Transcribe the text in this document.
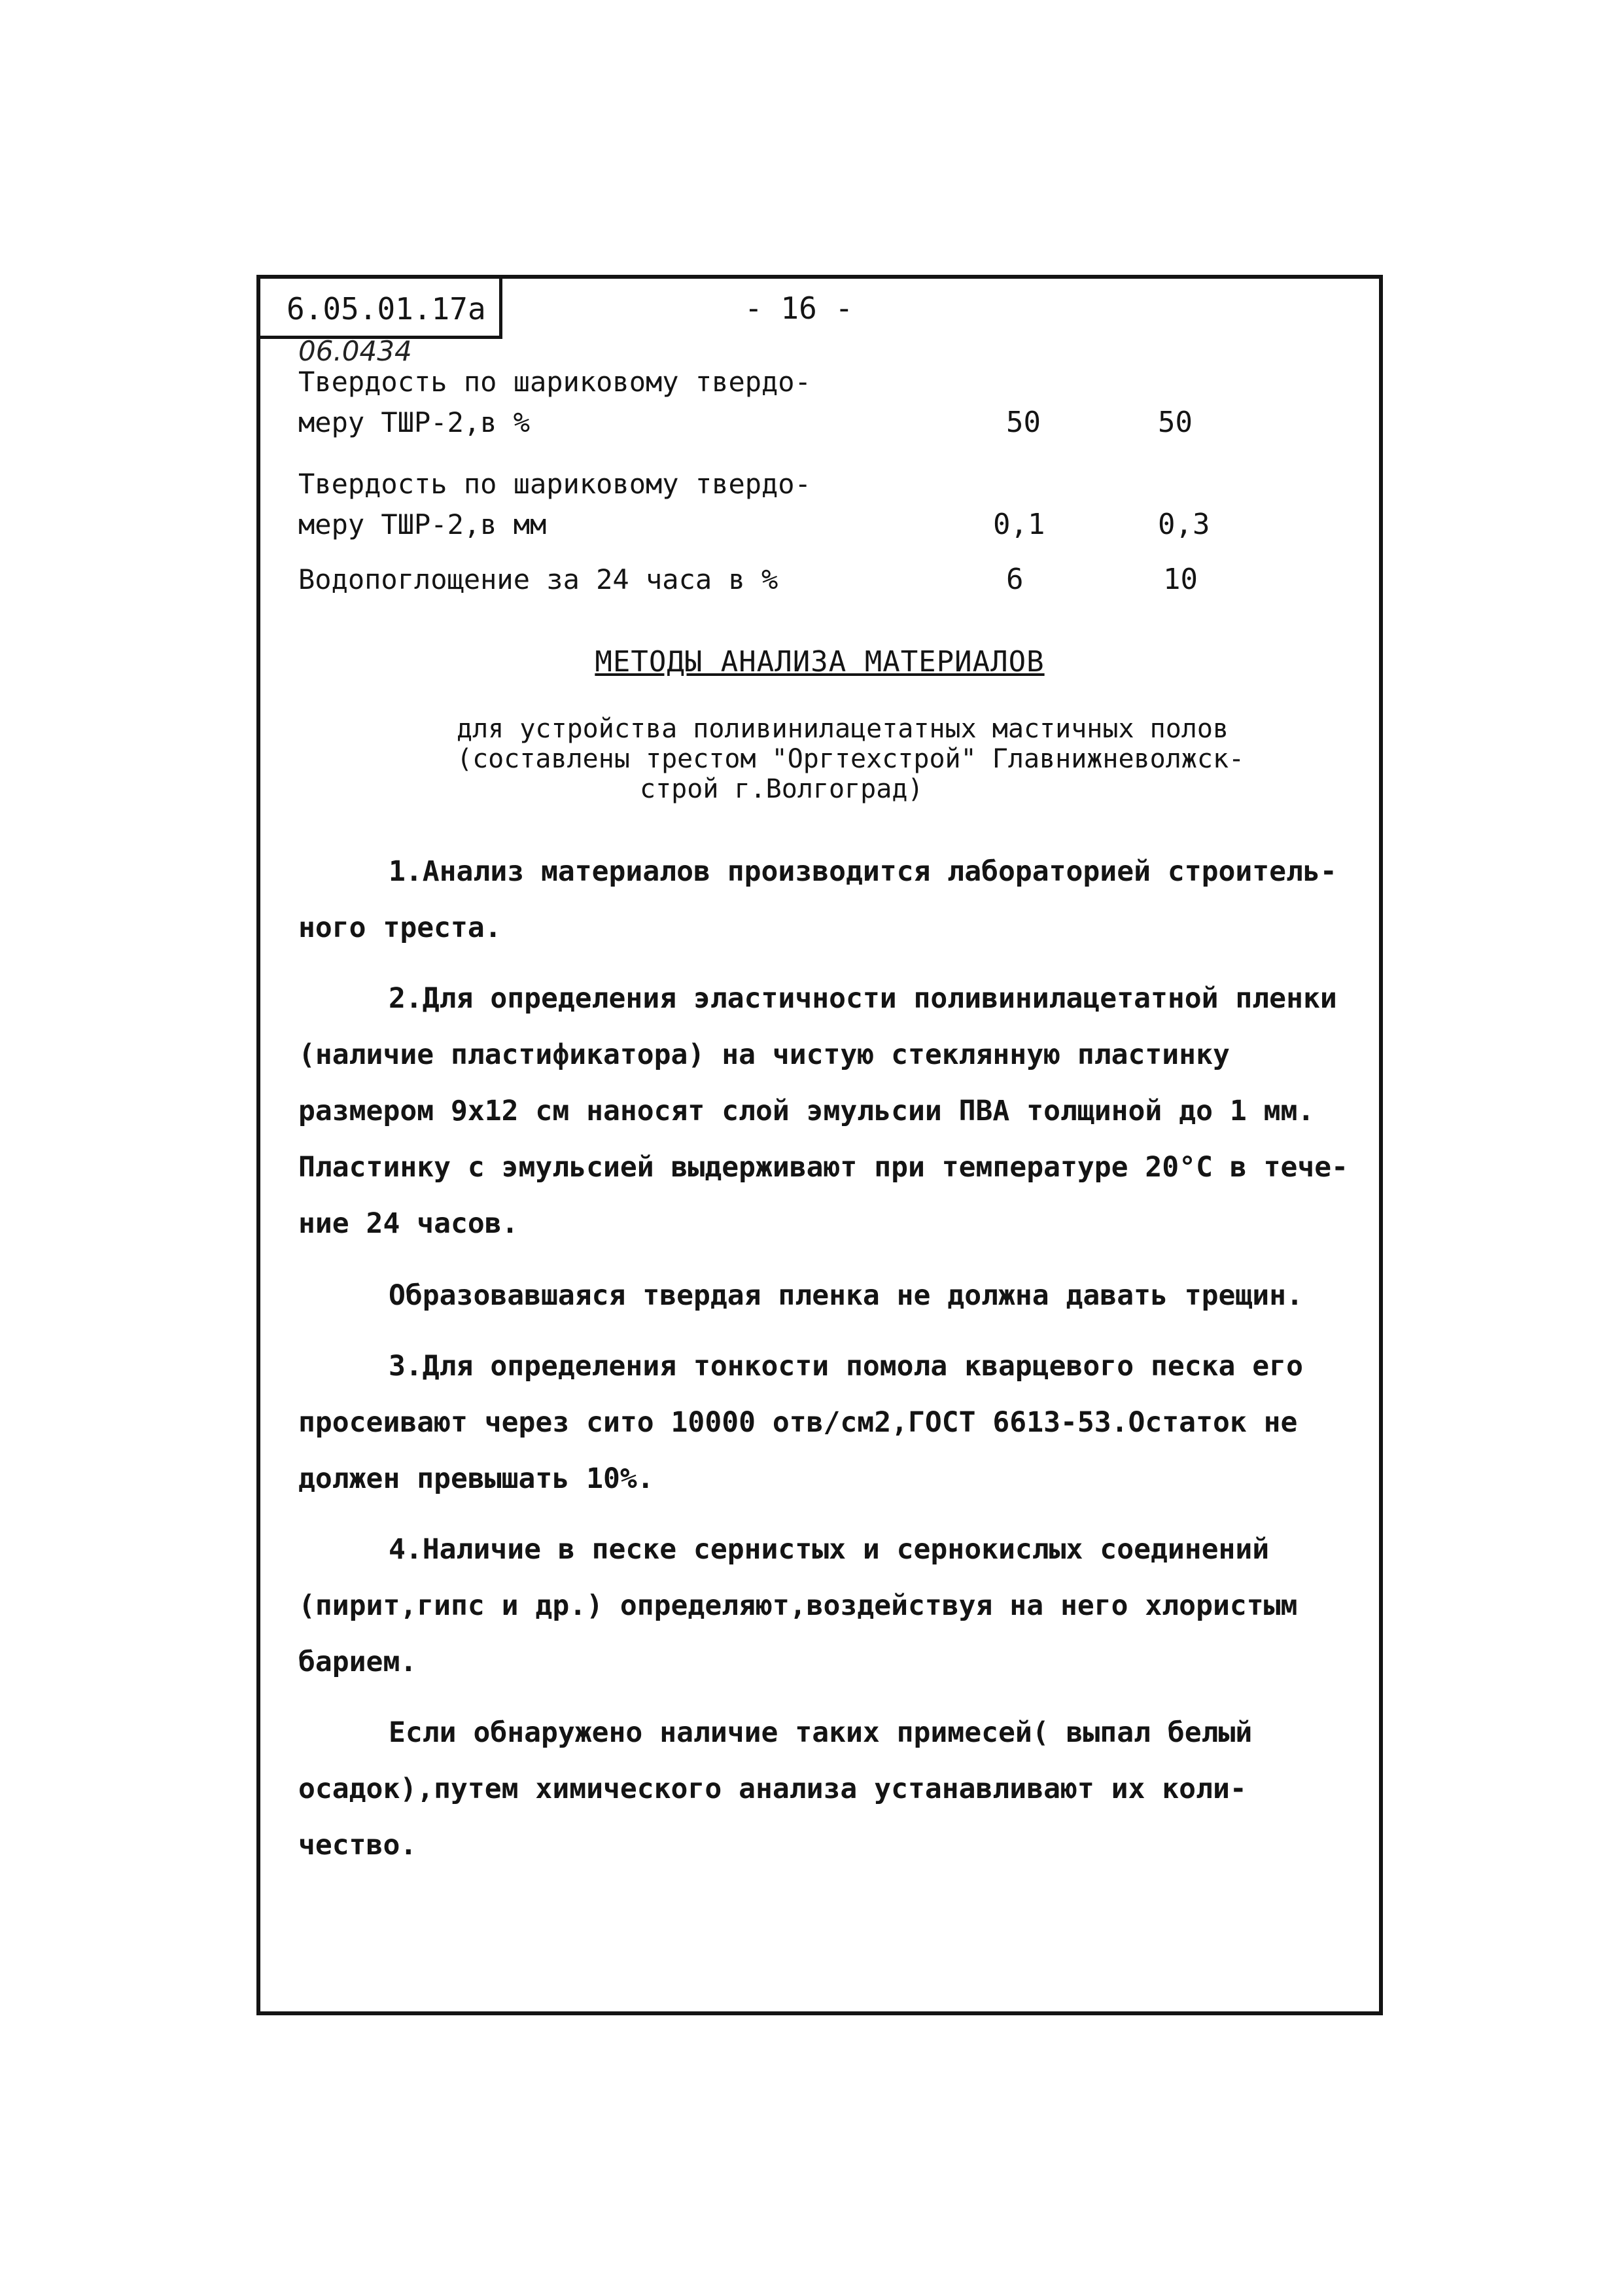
6.05.01.17а
06.0434
- 16 -
Твердость по шариковому твердо-
меру ТШР-2,в %	50	50
Твердость по шариковому твердо-
меру ТШР-2,в мм	0,1	0,3
Водопоглощение за 24 часа в %	6	10
МЕТОДЫ АНАЛИЗА МАТЕРИАЛОВ
для устройства поливинилацетатных мастичных полов
(составлены трестом "Оргтехстрой" Главнижневолжск-
строй г.Волгоград)
1.Анализ материалов производится лабораторией строитель-
ного треста.
2.Для определения эластичности поливинилацетатной пленки
(наличие пластификатора) на чистую стеклянную пластинку
размером 9х12 см наносят слой эмульсии ПВА толщиной до 1 мм.
Пластинку с эмульсией выдерживают при температуре 20°С в тече-
ние 24 часов.
Образовавшаяся твердая пленка не должна давать трещин.
3.Для определения тонкости помола кварцевого песка его
просеивают через сито 10000 отв/см2,ГОСТ 6613-53.Остаток не
должен превышать 10%.
4.Наличие в песке сернистых и сернокислых соединений
(пирит,гипс и др.) определяют,воздействуя на него хлористым
барием.
Если обнаружено наличие таких примесей( выпал белый
осадок),путем химического анализа устанавливают их коли-
чество.
